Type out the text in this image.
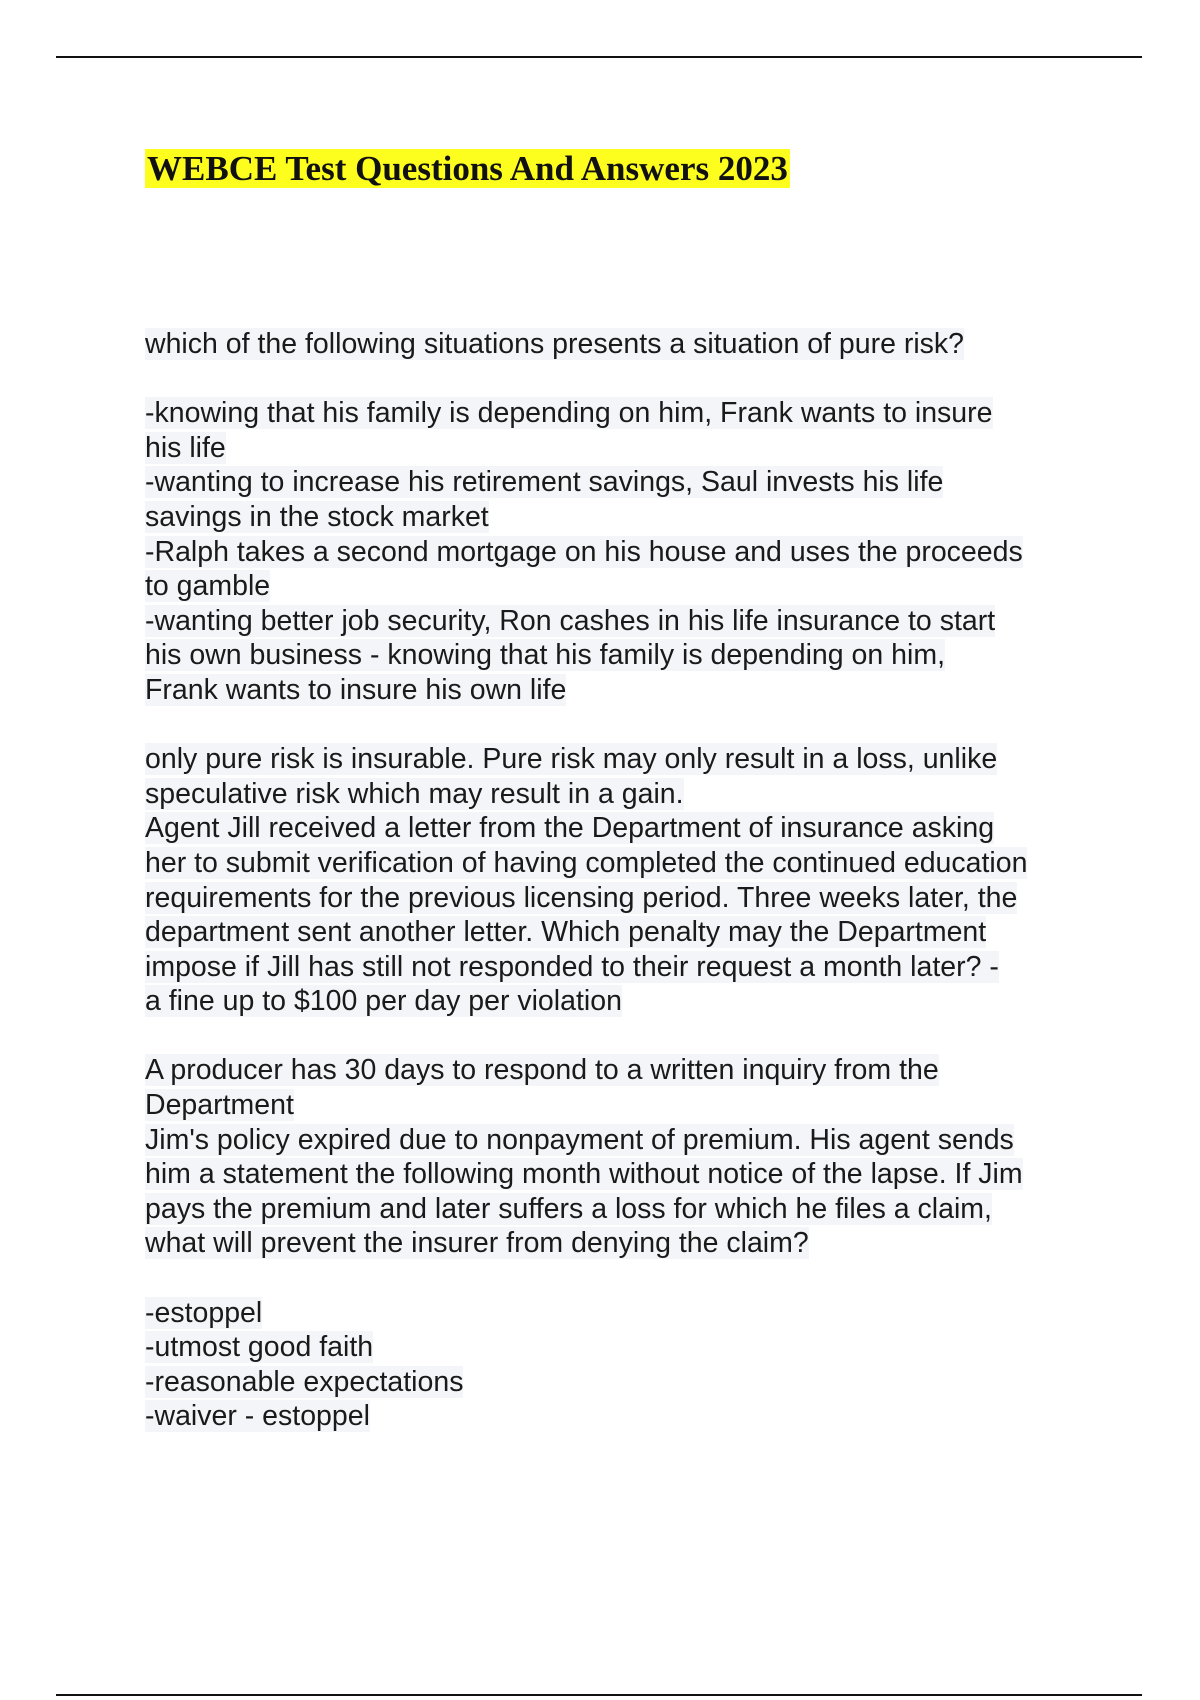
WEBCE Test Questions And Answers 2023

which of the following situations presents a situation of pure risk?

-knowing that his family is depending on him, Frank wants to insure
his life
-wanting to increase his retirement savings, Saul invests his life
savings in the stock market
-Ralph takes a second mortgage on his house and uses the proceeds
to gamble
-wanting better job security, Ron cashes in his life insurance to start
his own business - knowing that his family is depending on him,
Frank wants to insure his own life

only pure risk is insurable. Pure risk may only result in a loss, unlike
speculative risk which may result in a gain.
Agent Jill received a letter from the Department of insurance asking
her to submit verification of having completed the continued education
requirements for the previous licensing period. Three weeks later, the
department sent another letter. Which penalty may the Department
impose if Jill has still not responded to their request a month later? -
a fine up to $100 per day per violation

A producer has 30 days to respond to a written inquiry from the
Department
Jim's policy expired due to nonpayment of premium. His agent sends
him a statement the following month without notice of the lapse. If Jim
pays the premium and later suffers a loss for which he files a claim,
what will prevent the insurer from denying the claim?

-estoppel
-utmost good faith
-reasonable expectations
-waiver - estoppel
